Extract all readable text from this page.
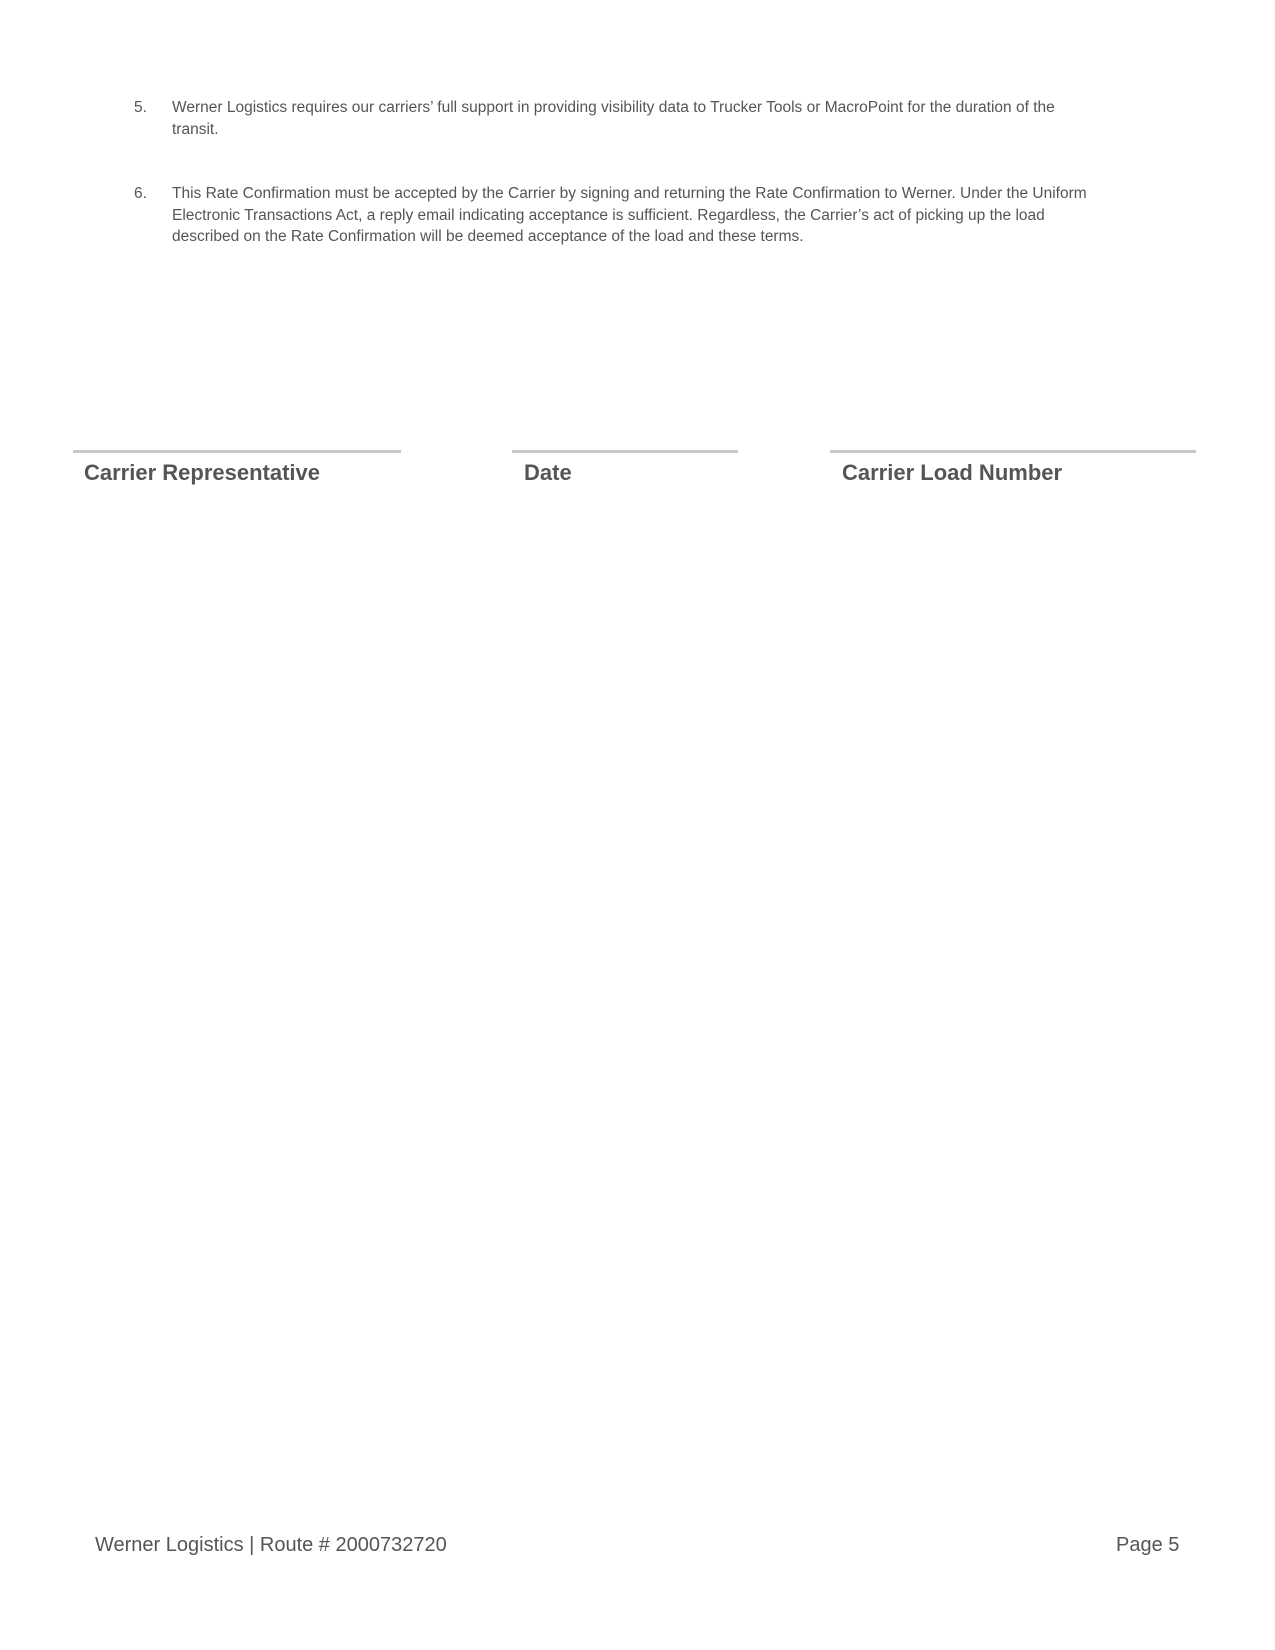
5. Werner Logistics requires our carriers’ full support in providing visibility data to Trucker Tools or MacroPoint for the duration of the
transit.
6. This Rate Confirmation must be accepted by the Carrier by signing and returning the Rate Confirmation to Werner. Under the Uniform
Electronic Transactions Act, a reply email indicating acceptance is sufficient. Regardless, the Carrier’s act of picking up the load
described on the Rate Confirmation will be deemed acceptance of the load and these terms.
Carrier Representative	Date	Carrier Load Number
Werner Logistics | Route # 2000732720	Page 5
